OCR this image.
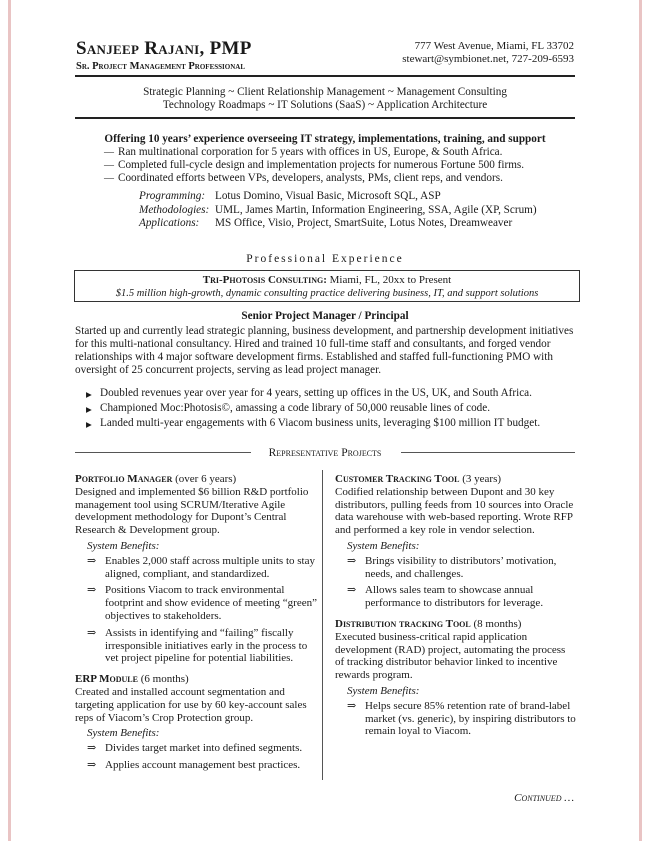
Sanjeep Rajani, PMP
Sr. Project Management Professional
777 West Avenue, Miami, FL 33702
stewart@symbionet.net, 727-209-6593
Strategic Planning ~ Client Relationship Management ~ Management Consulting
Technology Roadmaps ~ IT Solutions (SaaS) ~ Application Architecture
Offering 10 years’ experience overseeing IT strategy, implementations, training, and support
— Ran multinational corporation for 5 years with offices in US, Europe, & South Africa.
— Completed full-cycle design and implementation projects for numerous Fortune 500 firms.
— Coordinated efforts between VPs, developers, analysts, PMs, client reps, and vendors.
Programming: Lotus Domino, Visual Basic, Microsoft SQL, ASP
Methodologies: UML, James Martin, Information Engineering, SSA, Agile (XP, Scrum)
Applications:	MS Office, Visio, Project, SmartSuite, Lotus Notes, Dreamweaver
Professional Experience
Tri-Photosis Consulting: Miami, FL, 20xx to Present
$1.5 million high-growth, dynamic consulting practice delivering business, IT, and support solutions
Senior Project Manager / Principal

Started up and currently lead strategic planning, business development, and partnership development initiatives for this multi-national consultancy. Hired and trained 10 full-time staff and consultants, and forged vendor relationships with 4 major software development firms. Established and staffed full-functioning PMO with oversight of 25 concurrent projects, serving as lead project manager.

▶ Doubled revenues year over year for 4 years, setting up offices in the US, UK, and South Africa.
▶ Championed Moc:Photosis©, amassing a code library of 50,000 reusable lines of code.
▶ Landed multi-year engagements with 6 Viacom business units, leveraging $100 million IT budget.
Representative Projects
Portfolio Manager (over 6 years)
Designed and implemented $6 billion R&D portfolio management tool using SCRUM/Iterative Agile development methodology for Dupont’s Central Research & Development group.
System Benefits:
⇒ Enables 2,000 staff across multiple units to stay aligned, compliant, and standardized.
⇒ Positions Viacom to track environmental footprint and show evidence of meeting “green” objectives to stakeholders.
⇒ Assists in identifying and “failing” fiscally irresponsible initiatives early in the process to vet project pipeline for potential liabilities.
ERP Module (6 months)
Created and installed account segmentation and targeting application for use by 60 key-account sales reps of Viacom’s Crop Protection group.
System Benefits:
⇒ Divides target market into defined segments.
⇒ Applies account management best practices.
Customer Tracking Tool (3 years)
Codified relationship between Dupont and 30 key distributors, pulling feeds from 10 sources into Oracle data warehouse with web-based reporting. Wrote RFP and performed a key role in vendor selection.
System Benefits:
⇒ Brings visibility to distributors’ motivation, needs, and challenges.
⇒ Allows sales team to showcase annual performance to distributors for leverage.
Distribution tracking Tool (8 months)
Executed business-critical rapid application development (RAD) project, automating the process of tracking distributor behavior linked to incentive rewards program.
System Benefits:
⇒ Helps secure 85% retention rate of brand-label market (vs. generic), by inspiring distributors to remain loyal to Viacom.
Continued …
